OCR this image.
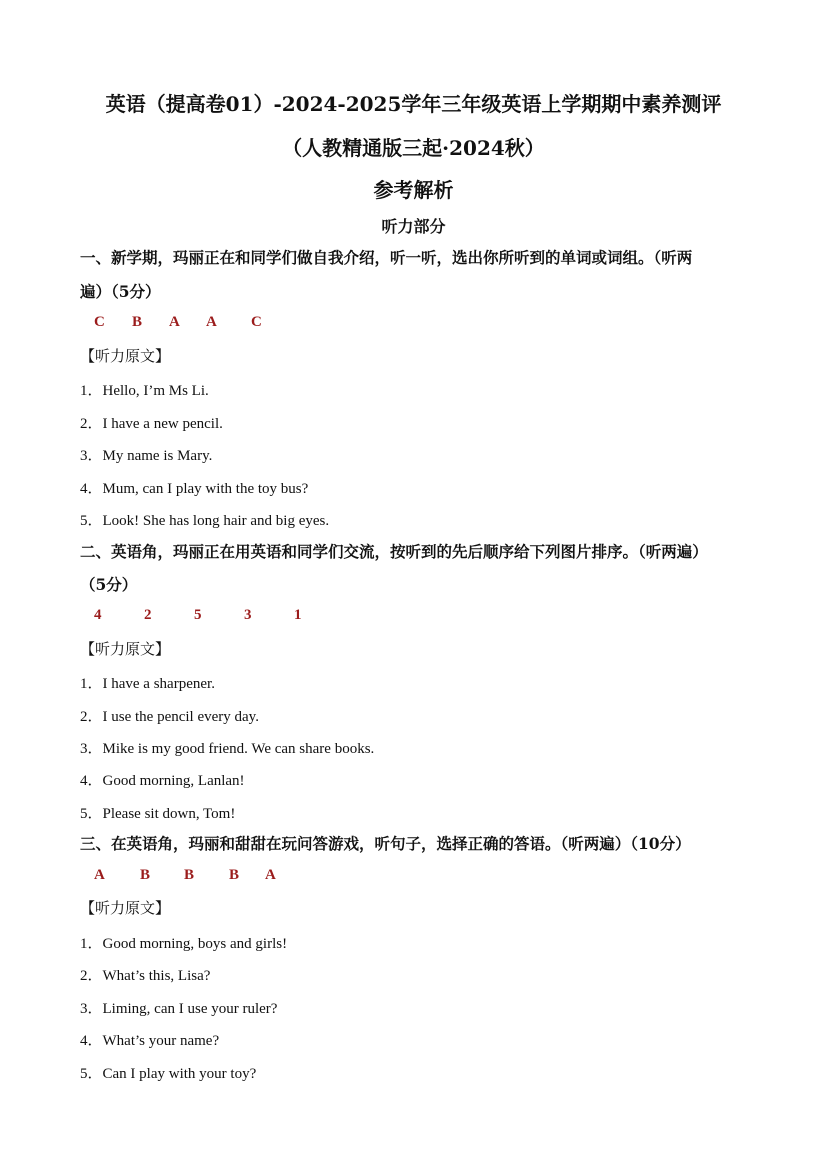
英语（提高卷01）-2024-2025学年三年级英语上学期期中素养测评
（人教精通版三起·2024秋）
参考解析
听力部分
一、新学期，玛丽正在和同学们做自我介绍，听一听，选出你所听到的单词或词组。（听两
遍）（5分）
C B A A C
【听力原文】
1．Hello, I’m Ms Li.
2．I have a new pencil.
3．My name is Mary.
4．Mum, can I play with the toy bus?
5．Look! She has long hair and big eyes.
二、英语角，玛丽正在用英语和同学们交流，按听到的先后顺序给下列图片排序。（听两遍）
（5分）
4	2	5	3	1
【听力原文】
1．I have a sharpener.
2．I use the pencil every day.
3．Mike is my good friend. We can share books.
4．Good morning, Lanlan!
5．Please sit down, Tom!
三、在英语角，玛丽和甜甜在玩问答游戏，听句子，选择正确的答语。（听两遍）（10分）
A B B B A
【听力原文】
1．Good morning, boys and girls!
2．What’s this, Lisa?
3．Liming, can I use your ruler?
4．What’s your name?
5．Can I play with your toy?
